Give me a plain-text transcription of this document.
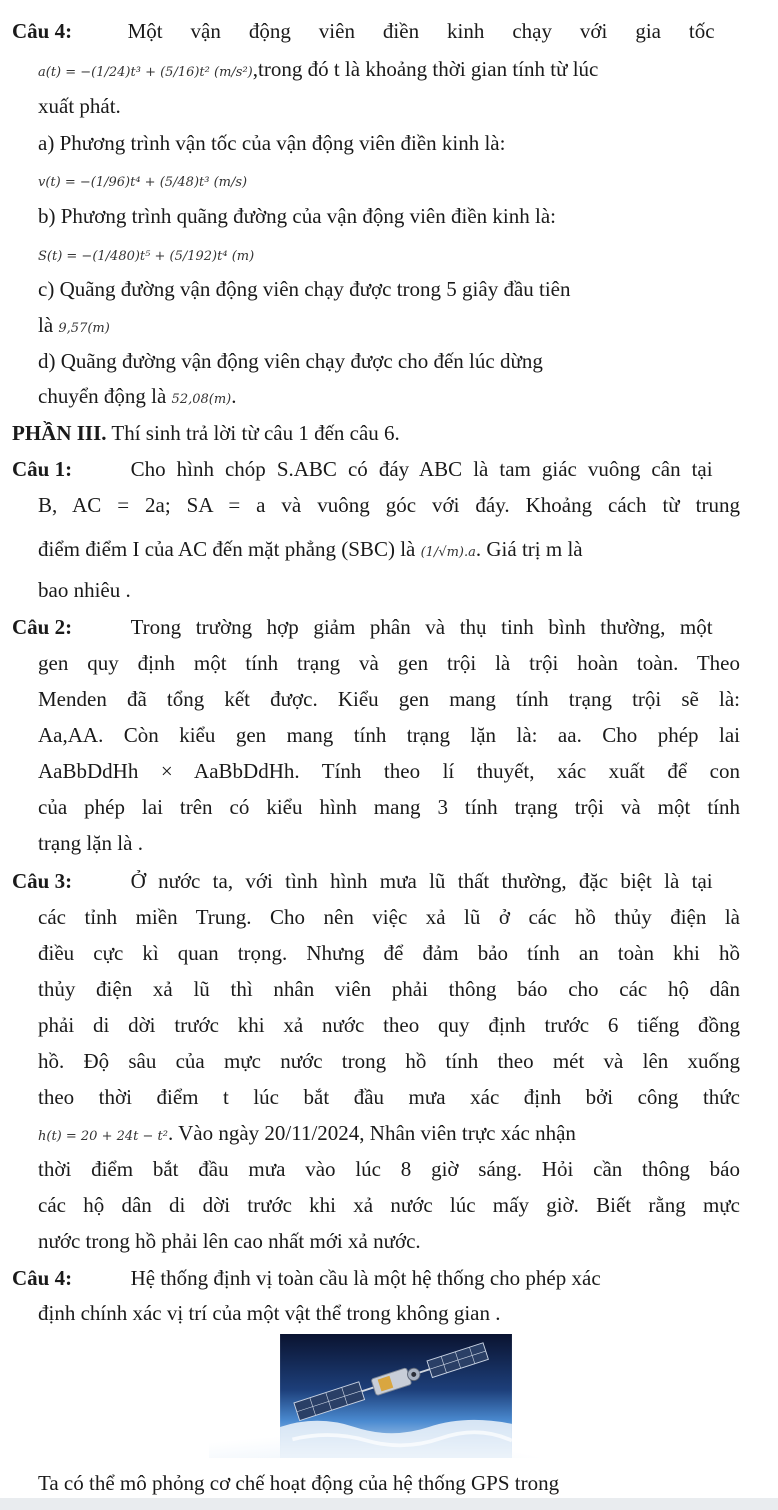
Câu 4:	Một vận động viên điền kinh chạy với gia tốc
a(t) = −(1/24)t³ + (5/16)t² (m/s²),trong đó t là khoảng thời gian tính từ lúc
xuất phát.
a) Phương trình vận tốc của vận động viên điền kinh là:
v(t) = −(1/96)t⁴ + (5/48)t³ (m/s)
b) Phương trình quãng đường của vận động viên điền kinh là:
S(t) = −(1/480)t⁵ + (5/192)t⁴ (m)
c) Quãng đường vận động viên chạy được trong 5 giây đầu tiên
là 9,57(m)
d) Quãng đường vận động viên chạy được cho đến lúc dừng
chuyển động là 52,08(m).
PHẦN III. Thí sinh trả lời từ câu 1 đến câu 6.
Câu 1:	Cho hình chóp S.ABC có đáy ABC là tam giác vuông cân tại
B, AC = 2a; SA = a và vuông góc với đáy. Khoảng cách từ trung
điểm điểm I của AC đến mặt phẳng (SBC) là (1/√m).a. Giá trị m là
bao nhiêu .
Câu 2:	Trong trường hợp giảm phân và thụ tinh bình thường, một
gen quy định một tính trạng và gen trội là trội hoàn toàn. Theo
Menden đã tổng kết được. Kiểu gen mang tính trạng trội sẽ là:
Aa,AA. Còn kiểu gen mang tính trạng lặn là: aa. Cho phép lai
AaBbDdHh × AaBbDdHh. Tính theo lí thuyết, xác xuất để con
của phép lai trên có kiểu hình mang 3 tính trạng trội và một tính
trạng lặn là .
Câu 3:	Ở nước ta, với tình hình mưa lũ thất thường, đặc biệt là tại
các tỉnh miền Trung. Cho nên việc xả lũ ở các hồ thủy điện là
điều cực kì quan trọng. Nhưng để đảm bảo tính an toàn khi hồ
thủy điện xả lũ thì nhân viên phải thông báo cho các hộ dân
phải di dời trước khi xả nước theo quy định trước 6 tiếng đồng
hồ. Độ sâu của mực nước trong hồ tính theo mét và lên xuống
theo thời điểm t lúc bắt đầu mưa xác định bởi công thức
h(t) = 20 + 24t − t². Vào ngày 20/11/2024, Nhân viên trực xác nhận
thời điểm bắt đầu mưa vào lúc 8 giờ sáng. Hỏi cần thông báo
các hộ dân di dời trước khi xả nước lúc mấy giờ. Biết rằng mực
nước trong hồ phải lên cao nhất mới xả nước.
Câu 4:	Hệ thống định vị toàn cầu là một hệ thống cho phép xác
định chính xác vị trí của một vật thể trong không gian .
Ta có thể mô phỏng cơ chế hoạt động của hệ thống GPS trong
